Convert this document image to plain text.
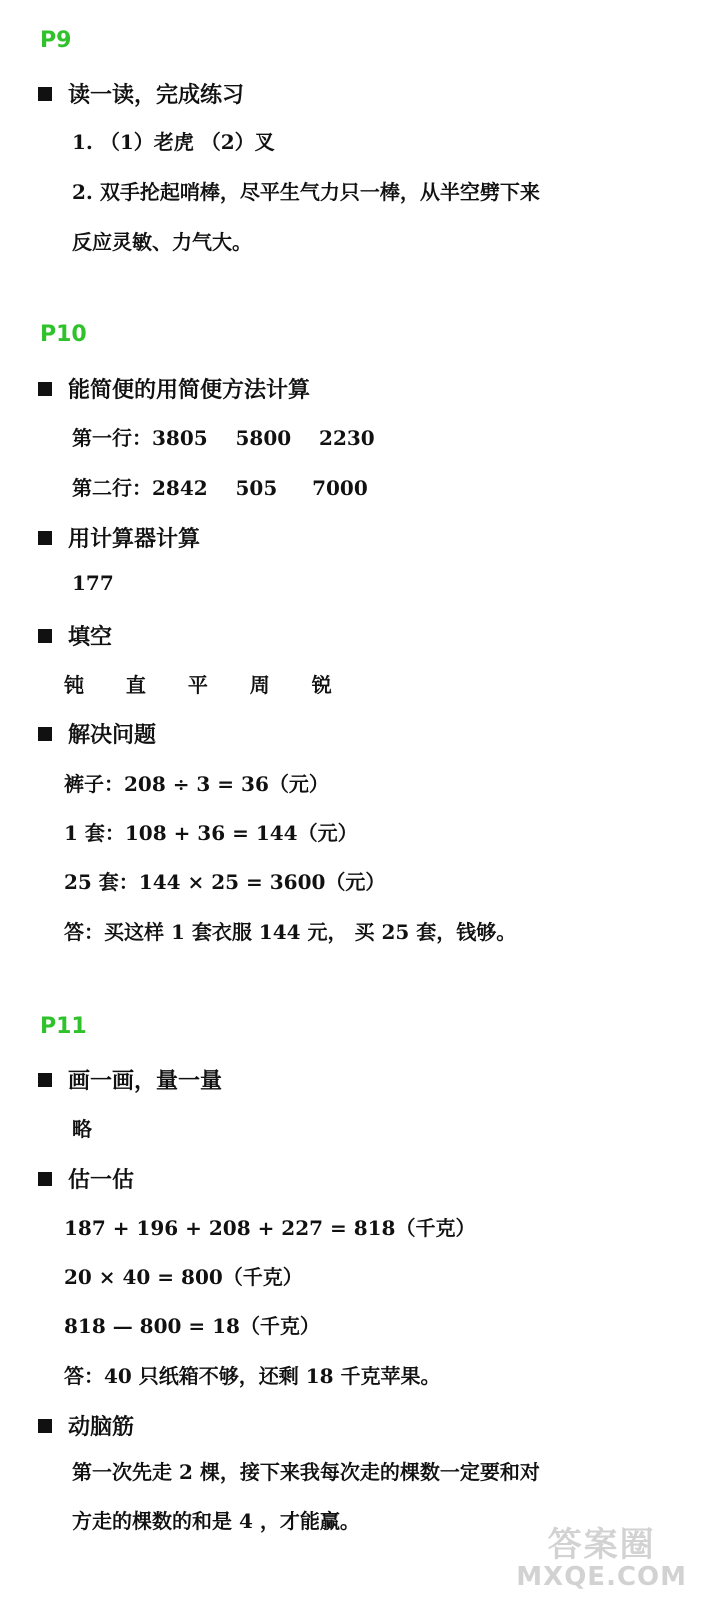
P9
读一读，完成练习
1. （1）老虎 （2）叉
2. 双手抡起哨棒，尽平生气力只一棒，从半空劈下来
反应灵敏、力气大。
P10
能简便的用简便方法计算
第一行：3805    5800    2230
第二行：2842    505     7000
用计算器计算
177
填空
钝  直  平  周  锐
解决问题
裤子：208 ÷ 3 = 36（元）
1 套：108 + 36 = 144（元）
25 套：144 × 25 = 3600（元）
答：买这样 1 套衣服 144 元， 买 25 套，钱够。
P11
画一画，量一量
略
估一估
187 + 196 + 208 + 227 = 818（千克）
20 × 40 = 800（千克）
818 — 800 = 18（千克）
答：40 只纸箱不够，还剩 18 千克苹果。
动脑筋
第一次先走 2 棵，接下来我每次走的棵数一定要和对
方走的棵数的和是 4 ，才能赢。
答案圈
MXQE.COM
